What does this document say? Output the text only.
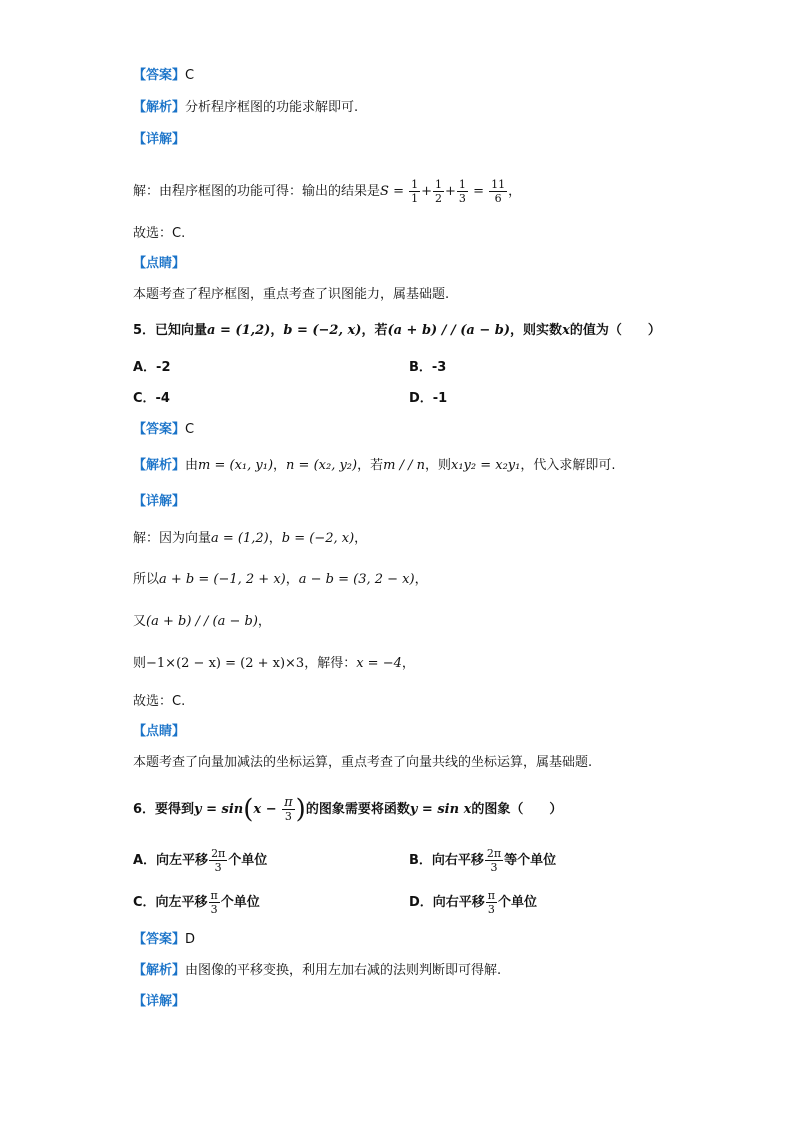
【答案】C
【解析】分析程序框图的功能求解即可.
【详解】
解：由程序框图的功能可得：输出的结果是$S = \frac{1}{1} + \frac{1}{2} + \frac{1}{3} = \frac{11}{6}$ ，
故选：C.
【点睛】
本题考查了程序框图，重点考查了识图能力，属基础题.
5．已知向量a = (1,2)，b = (−2, x)，若(a + b) / / (a − b)，则实数x的值为（　　）
A．-2	B．-3
C．-4	D．-1
【答案】C
【解析】由m = (x₁, y₁)，n = (x₂, y₂)，若m / / n，则x₁y₂ = x₂y₁，代入求解即可.
【详解】
解：因为向量a = (1,2)，b = (−2, x)，
所以a + b = (−1, 2 + x)，a − b = (3, 2 − x)，
又(a + b) / / (a − b)，
则−1×(2 − x) = (2 + x)×3，解得：x = −4，
故选：C.
【点睛】
本题考查了向量加减法的坐标运算，重点考查了向量共线的坐标运算，属基础题.
6．要得到$y = \sin(x - \frac{\pi}{3}$ )的图象需要将函数y = sin x的图象（　　）
A．向左平移 $\frac{2\pi}{3}$ 个单位	B．向右平移 $\frac{2\pi}{3}$ 等个单位
C．向左平移 $\frac{\pi}{3}$ 个单位	D．向右平移 $\frac{\pi}{3}$ 个单位
【答案】D
【解析】由图像的平移变换，利用左加右减的法则判断即可得解.
【详解】
